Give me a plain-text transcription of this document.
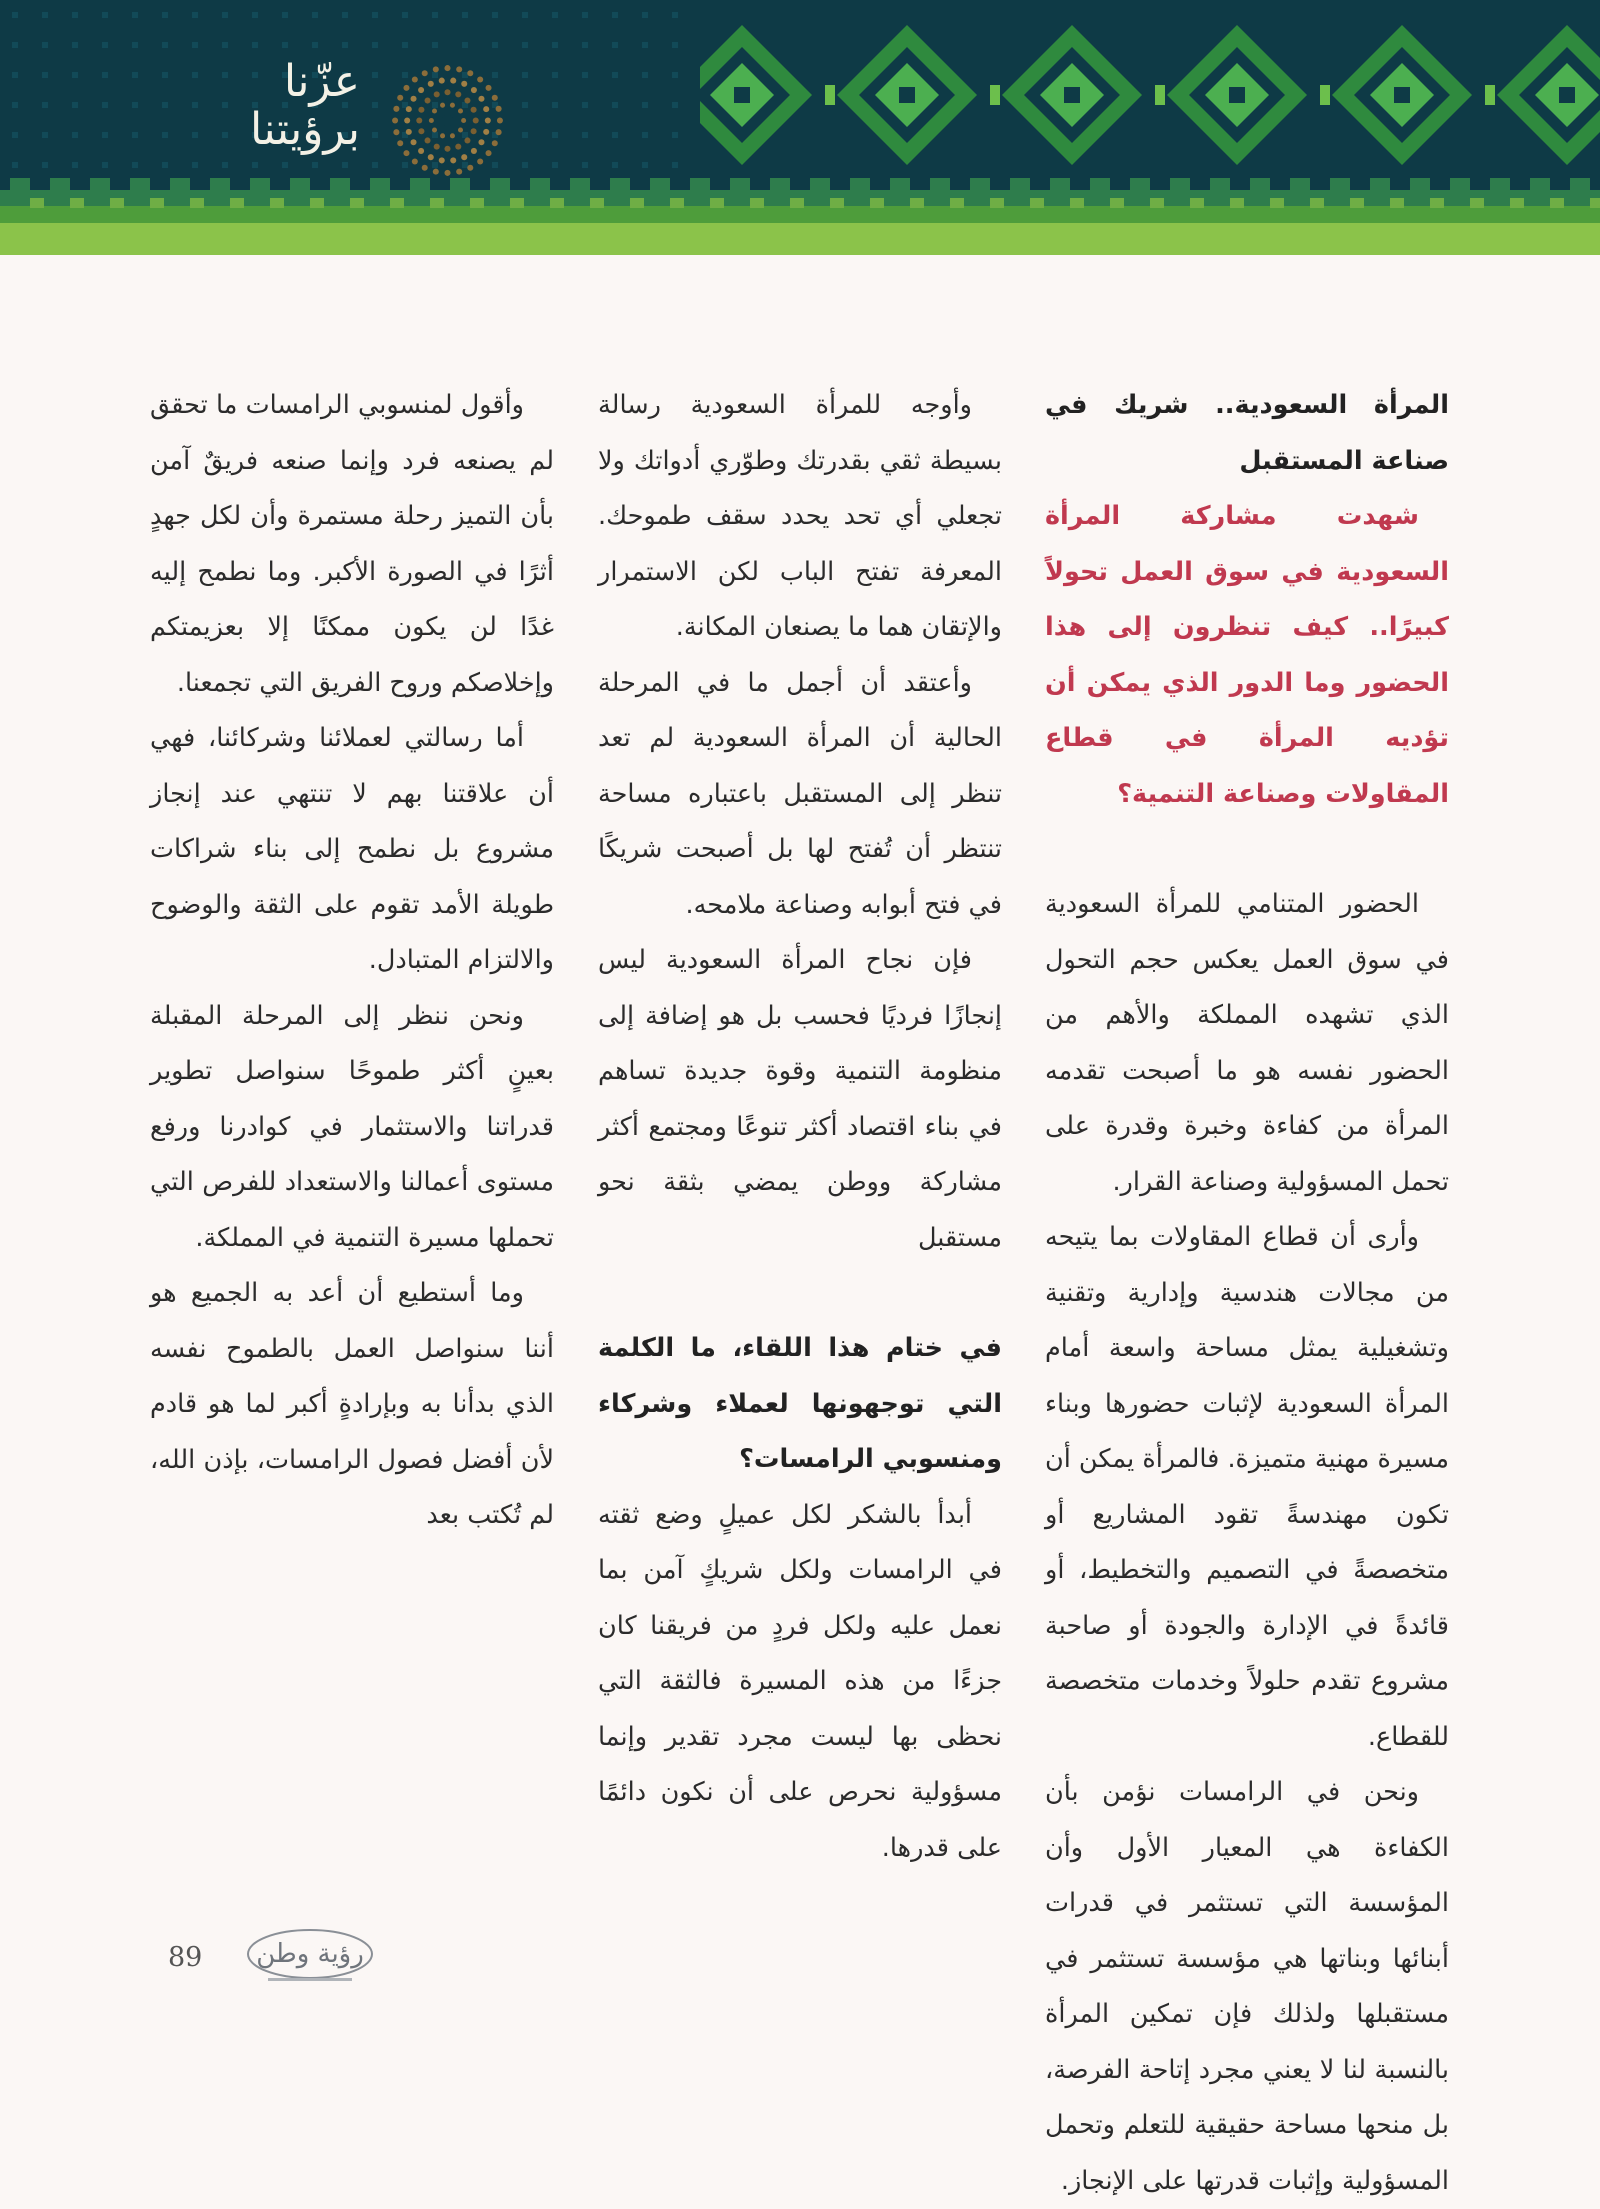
عزّنا
برؤيتنا

المرأة السعودية.. شريك في صناعة المستقبل

شهدت مشاركة المرأة السعودية في سوق العمل تحولاً كبيرًا.. كيف تنظرون إلى هذا الحضور وما الدور الذي يمكن أن تؤديه المرأة في قطاع المقاولات وصناعة التنمية؟

الحضور المتنامي للمرأة السعودية في سوق العمل يعكس حجم التحول الذي تشهده المملكة والأهم من الحضور نفسه هو ما أصبحت تقدمه المرأة من كفاءة وخبرة وقدرة على تحمل المسؤولية وصناعة القرار.

وأرى أن قطاع المقاولات بما يتيحه من مجالات هندسية وإدارية وتقنية وتشغيلية يمثل مساحة واسعة أمام المرأة السعودية لإثبات حضورها وبناء مسيرة مهنية متميزة. فالمرأة يمكن أن تكون مهندسةً تقود المشاريع أو متخصصةً في التصميم والتخطيط، أو قائدةً في الإدارة والجودة أو صاحبة مشروع تقدم حلولاً وخدمات متخصصة للقطاع.

ونحن في الرامسات نؤمن بأن الكفاءة هي المعيار الأول وأن المؤسسة التي تستثمر في قدرات أبنائها وبناتها هي مؤسسة تستثمر في مستقبلها ولذلك فإن تمكين المرأة بالنسبة لنا لا يعني مجرد إتاحة الفرصة، بل منحها مساحة حقيقية للتعلم وتحمل المسؤولية وإثبات قدرتها على الإنجاز.

وأوجه للمرأة السعودية رسالة بسيطة ثقي بقدرتك وطوّري أدواتك ولا تجعلي أي تحد يحدد سقف طموحك. المعرفة تفتح الباب لكن الاستمرار والإتقان هما ما يصنعان المكانة.

وأعتقد أن أجمل ما في المرحلة الحالية أن المرأة السعودية لم تعد تنظر إلى المستقبل باعتباره مساحة تنتظر أن تُفتح لها بل أصبحت شريكًا في فتح أبوابه وصناعة ملامحه.

فإن نجاح المرأة السعودية ليس إنجازًا فرديًا فحسب بل هو إضافة إلى منظومة التنمية وقوة جديدة تساهم في بناء اقتصاد أكثر تنوعًا ومجتمع أكثر مشاركة ووطن يمضي بثقة نحو مستقبل

في ختام هذا اللقاء، ما الكلمة التي توجهونها لعملاء وشركاء ومنسوبي الرامسات؟

أبدأ بالشكر لكل عميلٍ وضع ثقته في الرامسات ولكل شريكٍ آمن بما نعمل عليه ولكل فردٍ من فريقنا كان جزءًا من هذه المسيرة فالثقة التي نحظى بها ليست مجرد تقدير وإنما مسؤولية نحرص على أن نكون دائمًا على قدرها.

وأقول لمنسوبي الرامسات ما تحقق لم يصنعه فرد وإنما صنعه فريقٌ آمن بأن التميز رحلة مستمرة وأن لكل جهدٍ أثرًا في الصورة الأكبر. وما نطمح إليه غدًا لن يكون ممكنًا إلا بعزيمتكم وإخلاصكم وروح الفريق التي تجمعنا.

أما رسالتي لعملائنا وشركائنا، فهي أن علاقتنا بهم لا تنتهي عند إنجاز مشروع بل نطمح إلى بناء شراكات طويلة الأمد تقوم على الثقة والوضوح والالتزام المتبادل.

ونحن ننظر إلى المرحلة المقبلة بعينٍ أكثر طموحًا سنواصل تطوير قدراتنا والاستثمار في كوادرنا ورفع مستوى أعمالنا والاستعداد للفرص التي تحملها مسيرة التنمية في المملكة.

وما أستطيع أن أعد به الجميع هو أننا سنواصل العمل بالطموح نفسه الذي بدأنا به وبإرادةٍ أكبر لما هو قادم لأن أفضل فصول الرامسات، بإذن الله، لم تُكتب بعد

89 رؤية وطن
